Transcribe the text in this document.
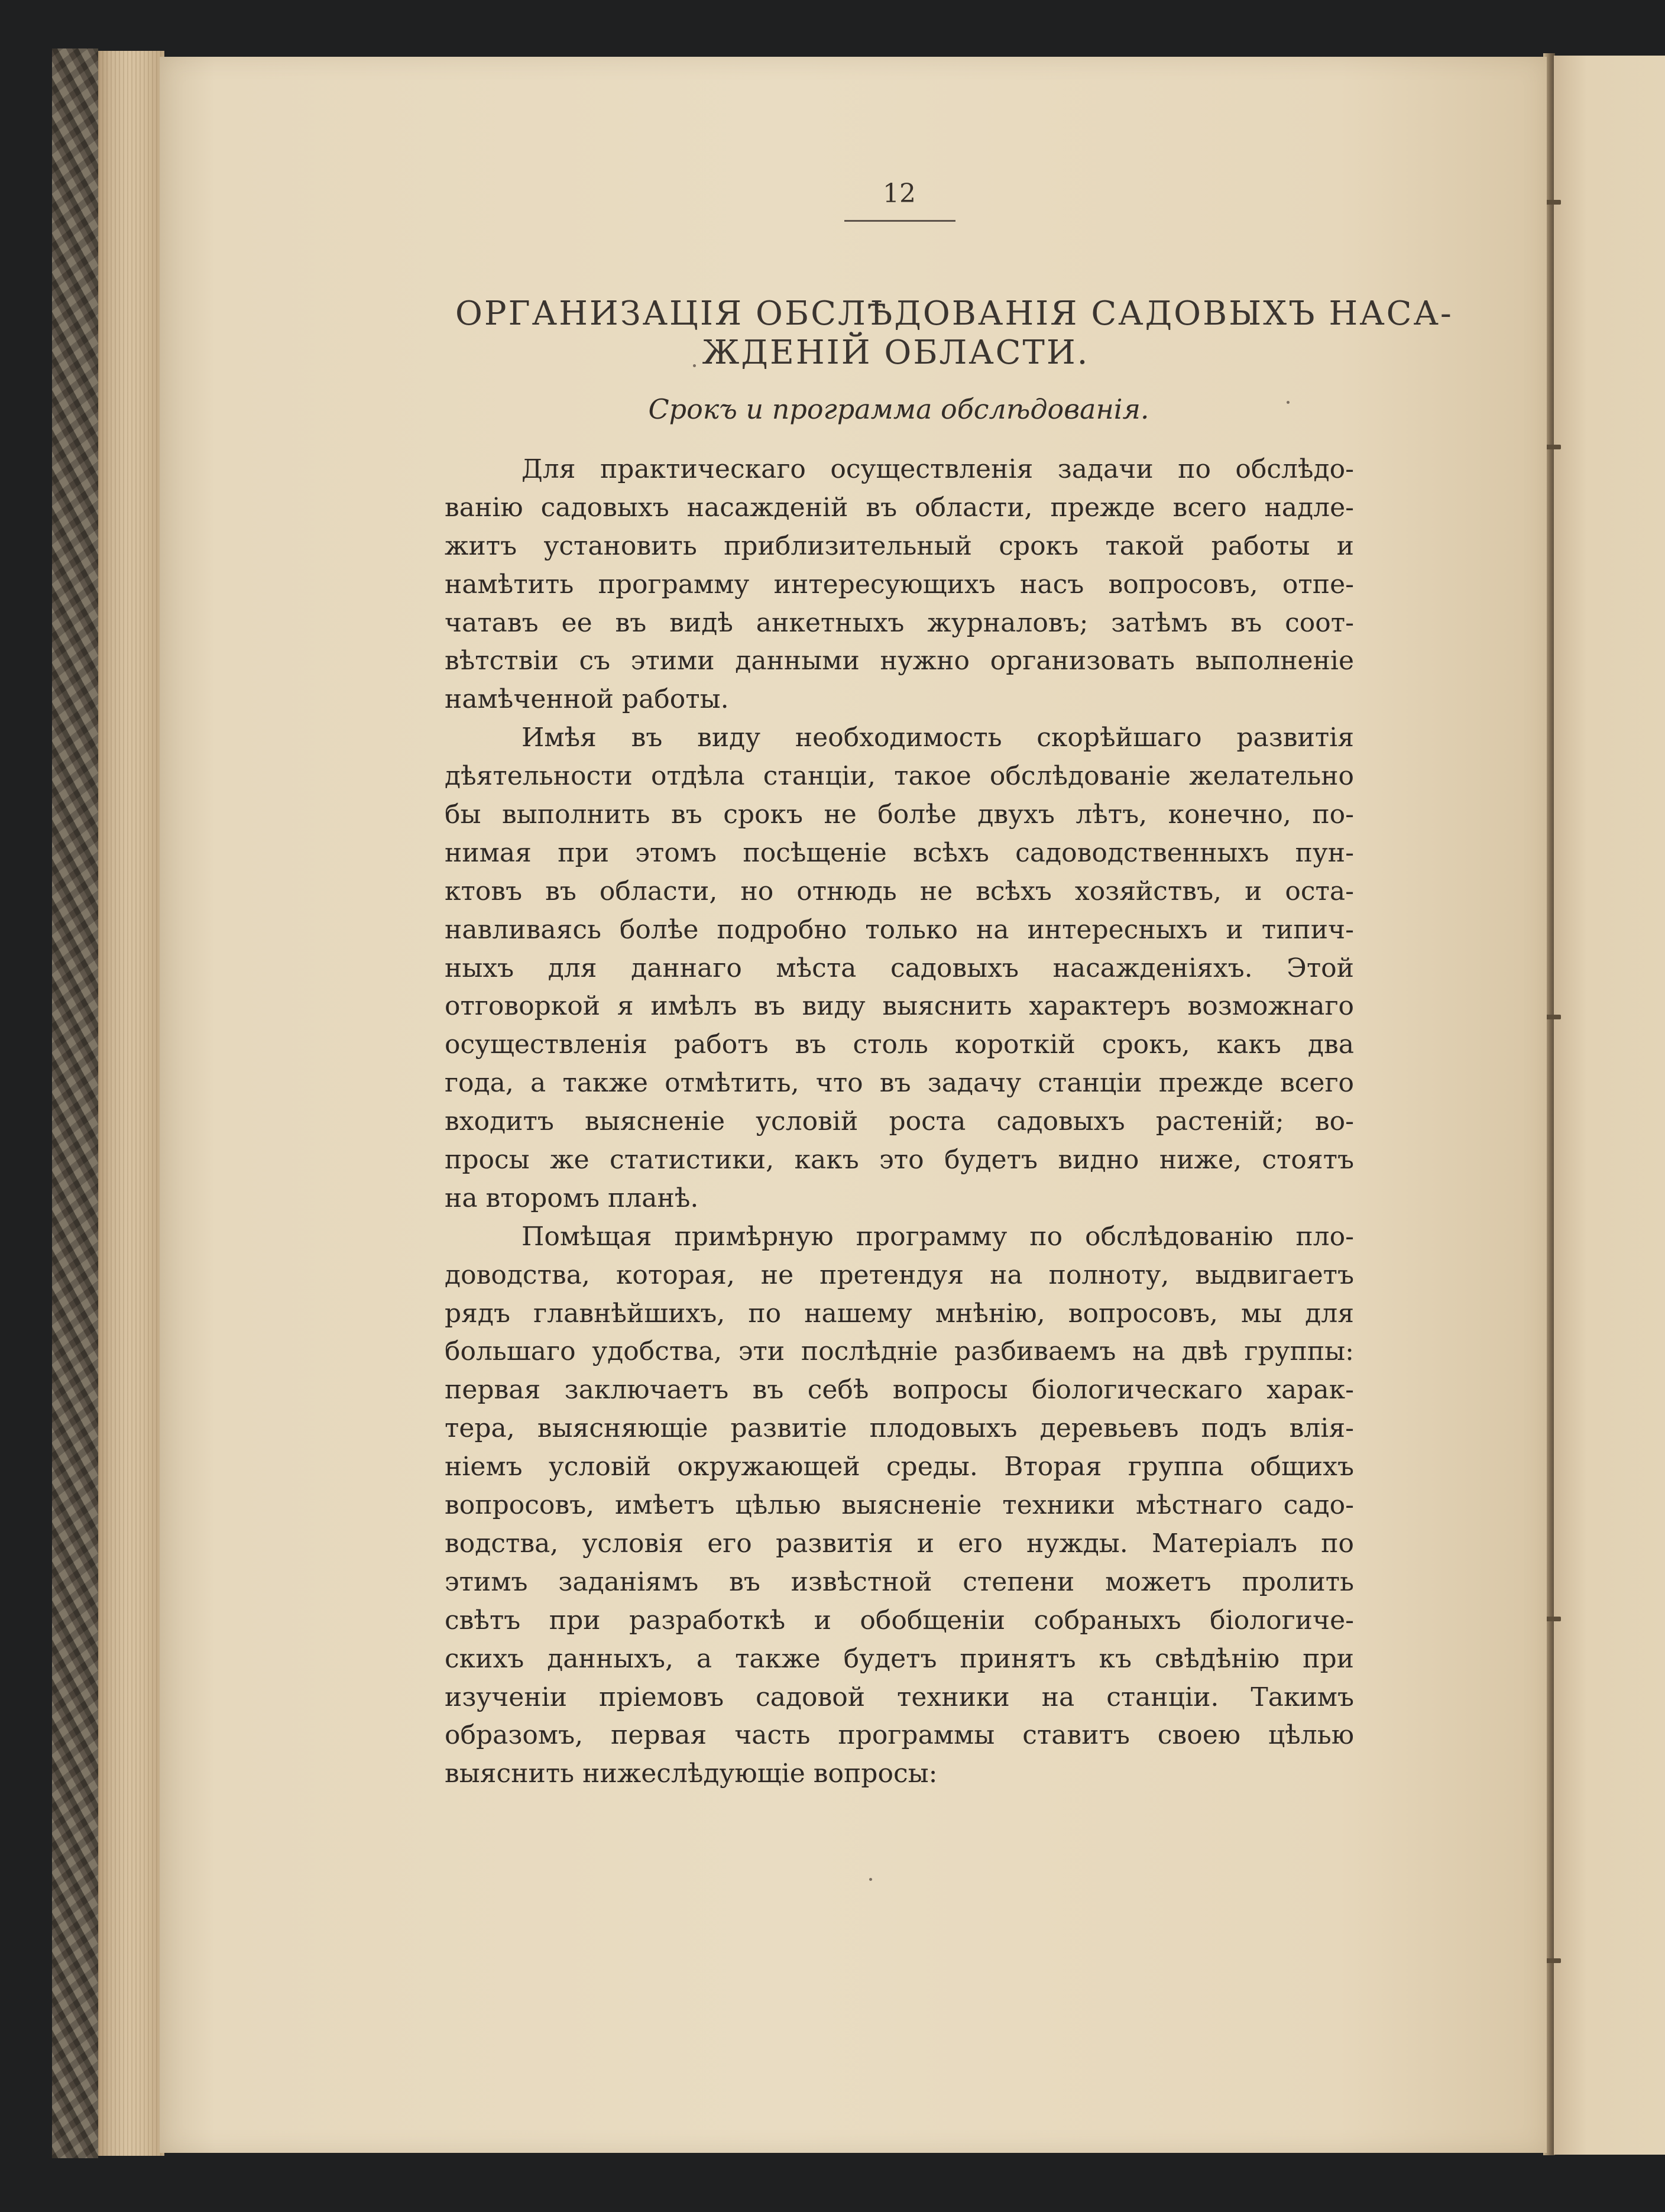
12
ОРГАНИЗАЦІЯ ОБСЛѢДОВАНІЯ САДОВЫХЪ НАСА-
ЖДЕНІЙ ОБЛАСТИ.
Срокъ и программа обслѣдованія.
Для практическаго осуществленія задачи по обслѣдо-
ванію садовыхъ насажденій въ области, прежде всего надле-
житъ установить приблизительный срокъ такой работы и
намѣтить программу интересующихъ насъ вопросовъ, отпе-
чатавъ ее въ видѣ анкетныхъ журналовъ; затѣмъ въ соот-
вѣтствіи съ этими данными нужно организовать выполненіе
намѣченной работы.
Имѣя въ виду необходимость скорѣйшаго развитія
дѣятельности отдѣла станціи, такое обслѣдованіе желательно
бы выполнить въ срокъ не болѣе двухъ лѣтъ, конечно, по-
нимая при этомъ посѣщеніе всѣхъ садоводственныхъ пун-
ктовъ въ области, но отнюдь не всѣхъ хозяйствъ, и оста-
навливаясь болѣе подробно только на интересныхъ и типич-
ныхъ для даннаго мѣста садовыхъ насажденіяхъ. Этой
отговоркой я имѣлъ въ виду выяснить характеръ возможнаго
осуществленія работъ въ столь короткій срокъ, какъ два
года, а также отмѣтить, что въ задачу станціи прежде всего
входитъ выясненіе условій роста садовыхъ растеній; во-
просы же статистики, какъ это будетъ видно ниже, стоятъ
на второмъ планѣ.
Помѣщая примѣрную программу по обслѣдованію пло-
доводства, которая, не претендуя на полноту, выдвигаетъ
рядъ главнѣйшихъ, по нашему мнѣнію, вопросовъ, мы для
большаго удобства, эти послѣдніе разбиваемъ на двѣ группы:
первая заключаетъ въ себѣ вопросы біологическаго харак-
тера, выясняющіе развитіе плодовыхъ деревьевъ подъ влія-
ніемъ условій окружающей среды. Вторая группа общихъ
вопросовъ, имѣетъ цѣлью выясненіе техники мѣстнаго садо-
водства, условія его развитія и его нужды. Матеріалъ по
этимъ заданіямъ въ извѣстной степени можетъ пролить
свѣтъ при разработкѣ и обобщеніи собраныхъ біологиче-
скихъ данныхъ, а также будетъ принятъ къ свѣдѣнію при
изученіи пріемовъ садовой техники на станціи. Такимъ
образомъ, первая часть программы ставитъ своею цѣлью
выяснить нижеслѣдующіе вопросы:
